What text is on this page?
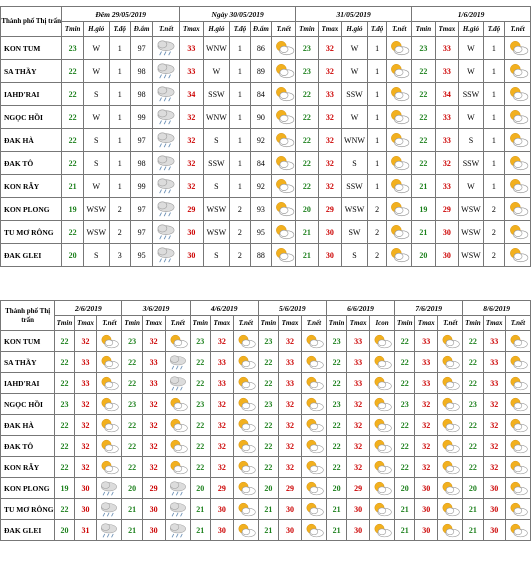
Thành phố Thị trấn	Đêm 29/05/2019					Ngày 30/05/2019					31/05/2019					1/6/2019				
	Tmin	H.gió	T.độ	Đ.ẩm	T.nết	Tmax	H.gió	T.độ	Đ.ẩm	T.nết	Tmin	Tmax	H.gió	T.độ	T.nết	Tmin	Tmax	H.gió	T.độ	T.nết
KON TUM	23	W	1	97		33	WNW	1	86		23	32	W	1		23	33	W	1	

SA THẦY	22	W	1	98		33	W	1	89		23	32	W	1		22	33	W	1	

IAHD'RAI	22	S	1	98		34	SSW	1	84		22	33	SSW	1		22	34	SSW	1	

NGỌC HỒI	22	W	1	99		32	WNW	1	90		22	32	W	1		22	33	W	1	

ĐAK HÀ	22	S	1	97		32	S	1	92		22	32	WNW	1		22	33	S	1	

ĐAK TÔ	22	S	1	98		32	SSW	1	84		22	32	S	1		22	32	SSW	1	

KON RẪY	21	W	1	99		32	S	1	92		22	32	SSW	1		21	33	W	1	

KON PLONG	19	WSW	2	97		29	WSW	2	93		20	29	WSW	2		19	29	WSW	2	

TU MƠ RÔNG	22	WSW	2	97		30	WSW	2	95		21	30	SW	2		21	30	WSW	2	

ĐAK GLEI	20	S	3	95		30	S	2	88		21	30	S	2		20	30	WSW	2	
Thành phố Thị trấn	2/6/2019			3/6/2019			4/6/2019			5/6/2019			6/6/2019			7/6/2019			8/6/2019		
	Tmin	Tmax	T.nết	Tmin	Tmax	T.nết	Tmin	Tmax	T.nết	Tmin	Tmax	T.nết	Tmin	Tmax	Icon	Tmin	Tmax	T.nết	Tmin	Tmax	T.nết
KON TUM	22	32		23	32		23	32		23	32		23	33		22	33		22	33	

SA THẦY	22	33		22	33		22	33		22	33		22	33		22	33		22	33	

IAHD'RAI	22	33		22	33		22	33		22	33		22	33		22	33		22	33	

NGỌC HỒI	23	32		23	32		23	32		23	32		23	32		23	32		23	32	

ĐAK HÀ	22	32		22	32		22	32		22	32		22	32		22	32		22	32	

ĐAK TÔ	22	32		22	32		22	32		22	32		22	32		22	32		22	32	

KON RẪY	22	32		22	32		22	32		22	32		22	32		22	32		22	32	

KON PLONG	19	30		20	29		20	29		20	29		20	29		20	30		20	30	

TU MƠ RÔNG	22	30		21	30		21	30		21	30		21	30		21	30		21	30	

ĐAK GLEI	20	31		21	30		21	30		21	30		21	30		21	30		21	30	
